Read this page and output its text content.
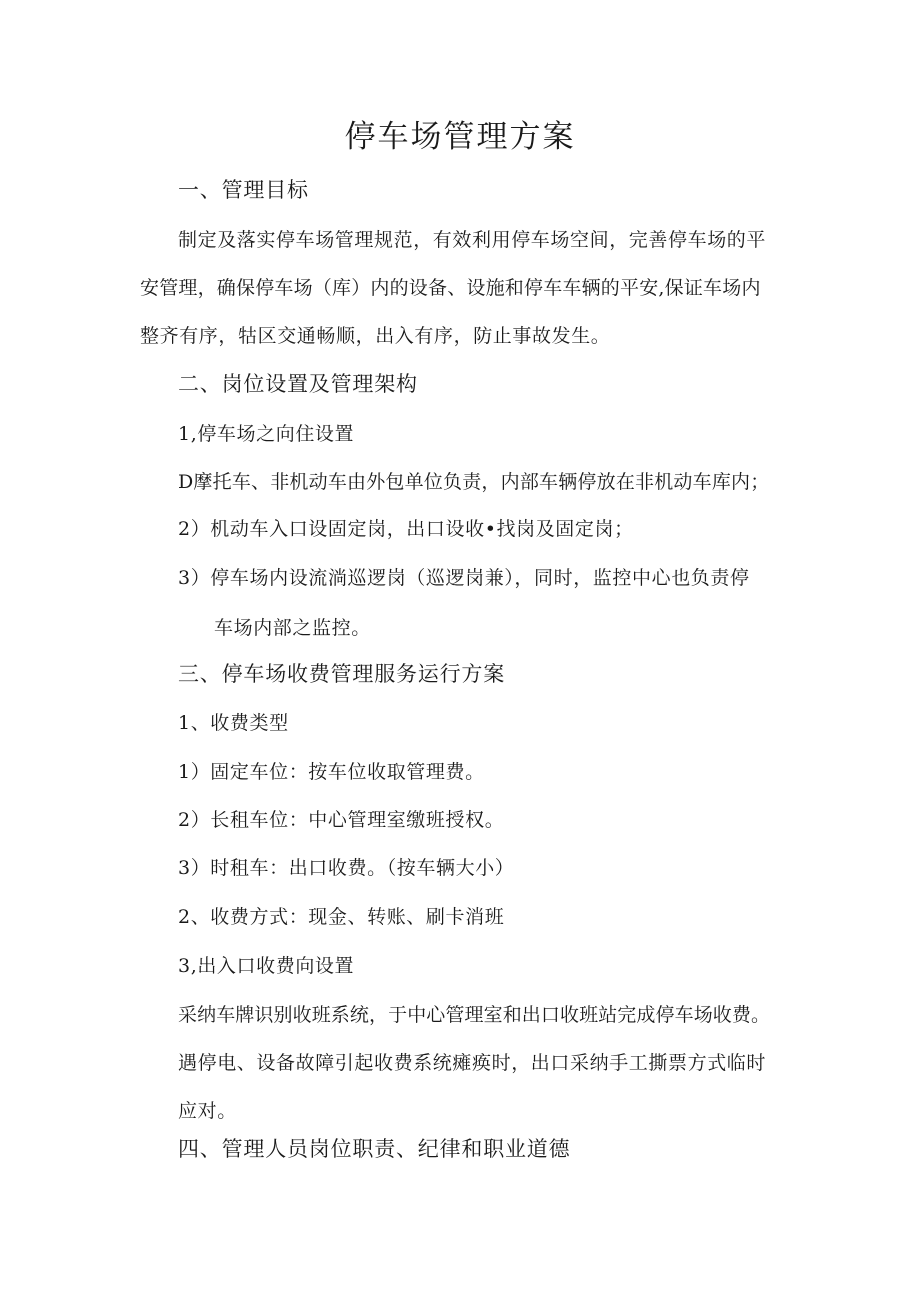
停车场管理方案
一、管理目标
制定及落实停车场管理规范，有效利用停车场空间，完善停车场的平
安管理，确保停车场（库）内的设备、设施和停车车辆的平安,保证车场内
整齐有序，牯区交通畅顺，出入有序，防止事故发生。
二、岗位设置及管理架构
1,停车场之向住设置
D摩托车、非机动车由外包单位负责，内部车辆停放在非机动车库内；
2）机动车入口设固定岗，出口设收•找岗及固定岗；
3）停车场内设流淌巡逻岗（巡逻岗兼），同时，监控中心也负责停
车场内部之监控。
三、停车场收费管理服务运行方案
1、收费类型
1）固定车位：按车位收取管理费。
2）长租车位：中心管理室缴班授权。
3）时租车：出口收费。（按车辆大小）
2、收费方式：现金、转账、刷卡消班
3,出入口收费向设置
采纳车牌识别收班系统，于中心管理室和出口收班站完成停车场收费。
遇停电、设备故障引起收费系统瘫痪时，出口采纳手工撕票方式临时
应对。
四、管理人员岗位职责、纪律和职业道德
